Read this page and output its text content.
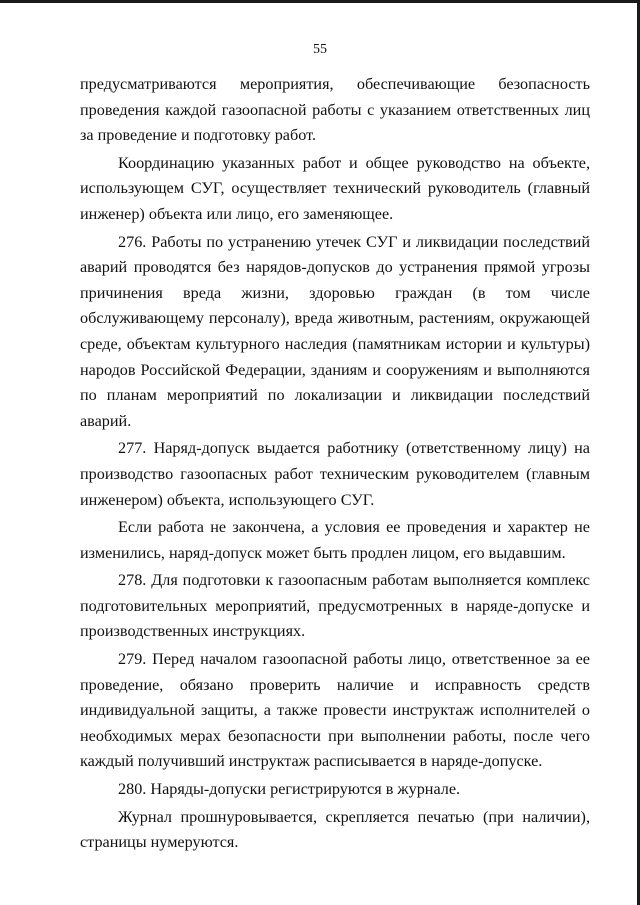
55

предусматриваются мероприятия, обеспечивающие безопасность проведения каждой газоопасной работы с указанием ответственных лиц за проведение и подготовку работ.

Координацию указанных работ и общее руководство на объекте, использующем СУГ, осуществляет технический руководитель (главный инженер) объекта или лицо, его заменяющее.

276. Работы по устранению утечек СУГ и ликвидации последствий аварий проводятся без нарядов-допусков до устранения прямой угрозы причинения вреда жизни, здоровью граждан (в том числе обслуживающему персоналу), вреда животным, растениям, окружающей среде, объектам культурного наследия (памятникам истории и культуры) народов Российской Федерации, зданиям и сооружениям и выполняются по планам мероприятий по локализации и ликвидации последствий аварий.

277. Наряд-допуск выдается работнику (ответственному лицу) на производство газоопасных работ техническим руководителем (главным инженером) объекта, использующего СУГ.

Если работа не закончена, а условия ее проведения и характер не изменились, наряд-допуск может быть продлен лицом, его выдавшим.

278. Для подготовки к газоопасным работам выполняется комплекс подготовительных мероприятий, предусмотренных в наряде-допуске и производственных инструкциях.

279. Перед началом газоопасной работы лицо, ответственное за ее проведение, обязано проверить наличие и исправность средств индивидуальной защиты, а также провести инструктаж исполнителей о необходимых мерах безопасности при выполнении работы, после чего каждый получивший инструктаж расписывается в наряде-допуске.

280. Наряды-допуски регистрируются в журнале.

Журнал прошнуровывается, скрепляется печатью (при наличии), страницы нумеруются.
